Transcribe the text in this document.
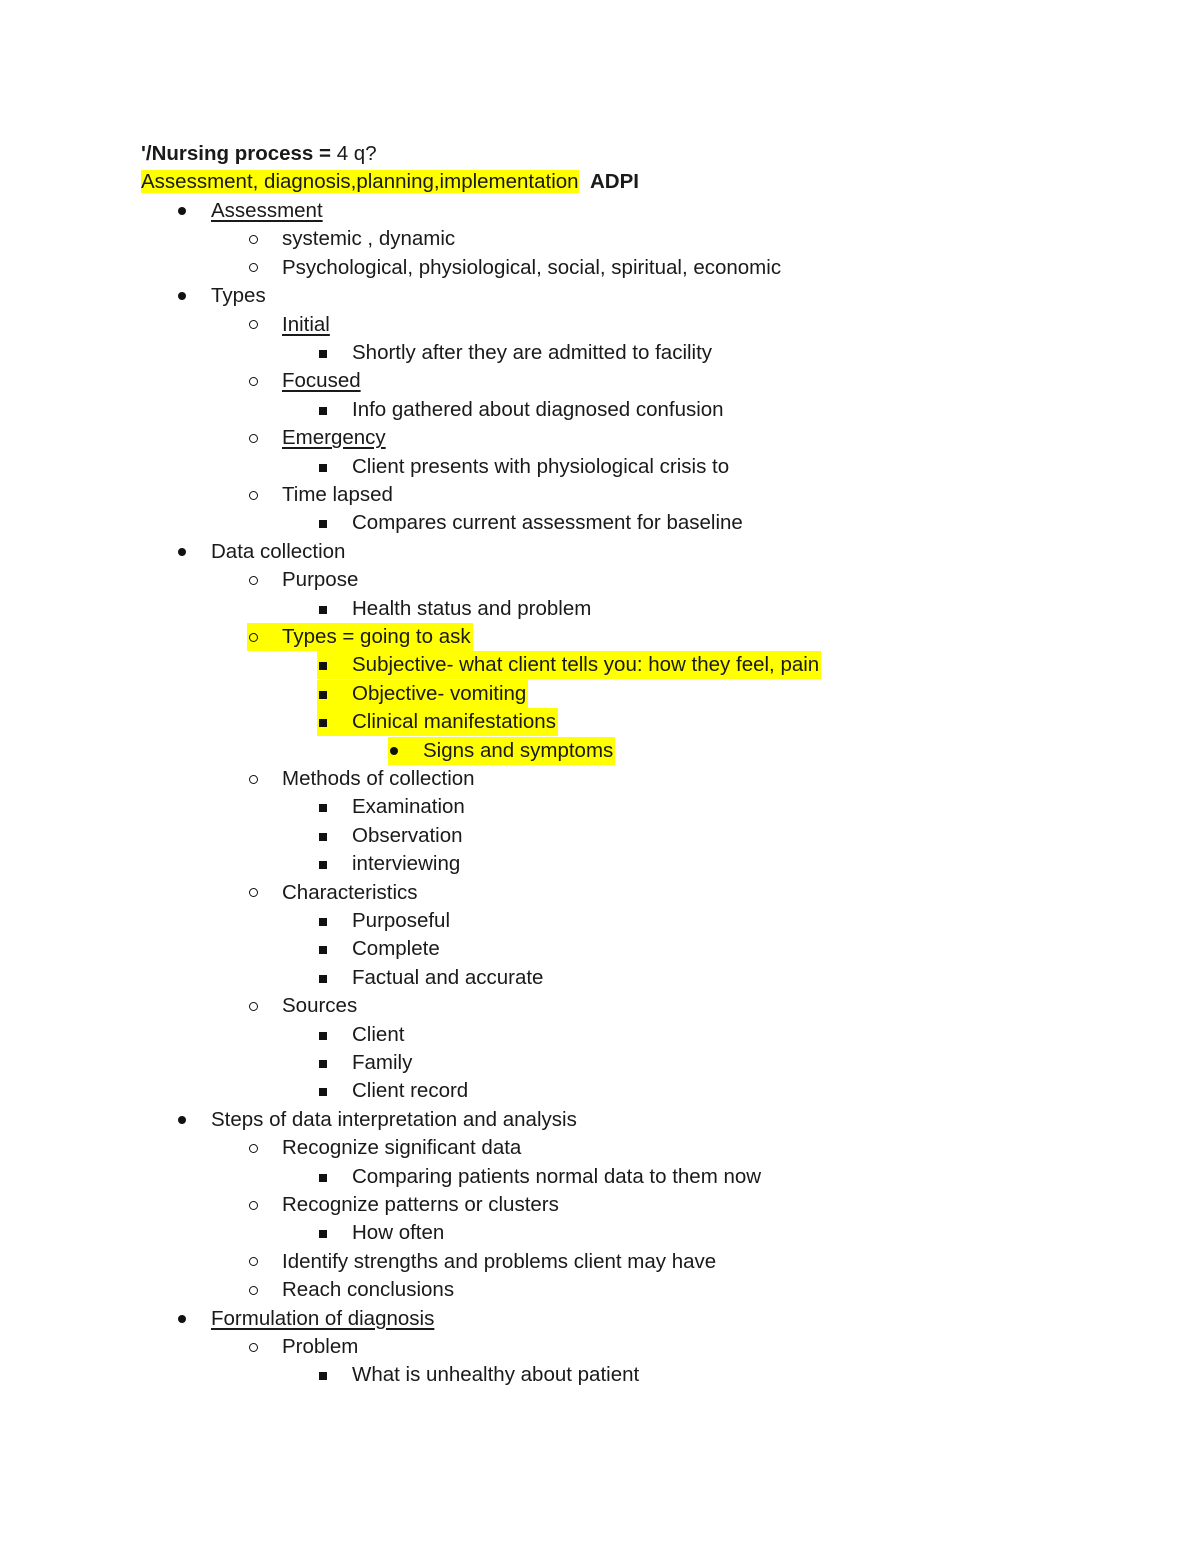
'/Nursing process = 4 q?
Assessment, diagnosis,planning,implementation ADPI
Assessment
systemic , dynamic
Psychological, physiological, social, spiritual, economic
Types
Initial
Shortly after they are admitted to facility
Focused
Info gathered about diagnosed confusion
Emergency
Client presents with physiological crisis to
Time lapsed
Compares current assessment for baseline
Data collection
Purpose
Health status and problem
Types = going to ask
Subjective- what client tells you: how they feel, pain
Objective- vomiting
Clinical manifestations
Signs and symptoms
Methods of collection
Examination
Observation
interviewing
Characteristics
Purposeful
Complete
Factual and accurate
Sources
Client
Family
Client record
Steps of data interpretation and analysis
Recognize significant data
Comparing patients normal data to them now
Recognize patterns or clusters
How often
Identify strengths and problems client may have
Reach conclusions
Formulation of diagnosis
Problem
What is unhealthy about patient
